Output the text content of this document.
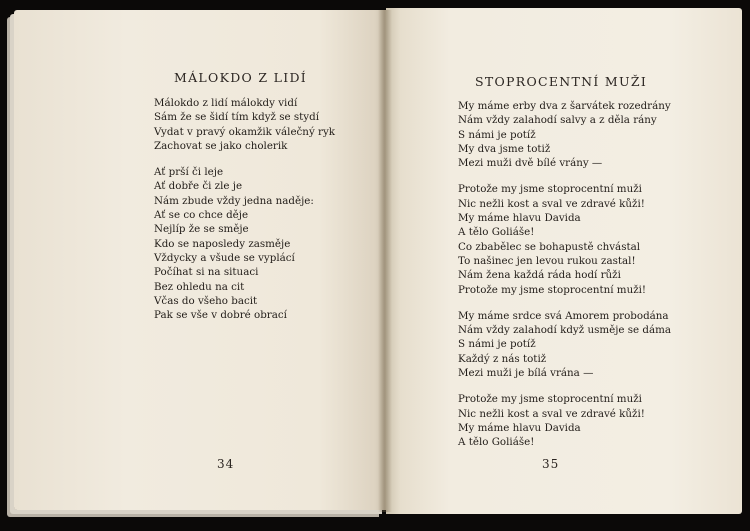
MÁLOKDO Z LIDÍ
Málokdo z lidí málokdy vidí
Sám že se šidí tím když se stydí
Vydat v pravý okamžik válečný ryk
Zachovat se jako cholerik
Ať prší či leje
Ať dobře či zle je
Nám zbude vždy jedna naděje:
Ať se co chce děje
Nejlíp že se směje
Kdo se naposledy zasměje
Vždycky a všude se vyplácí
Počíhat si na situaci
Bez ohledu na cit
Včas do všeho bacit
Pak se vše v dobré obrací
34
STOPROCENTNÍ MUŽI
My máme erby dva z šarvátek rozedrány
Nám vždy zalahodí salvy a z děla rány
S námi je potíž
My dva jsme totiž
Mezi muži dvě bílé vrány —
Protože my jsme stoprocentní muži
Nic nežli kost a sval ve zdravé kůži!
My máme hlavu Davida
A tělo Goliáše!
Co zbabělec se bohapustě chvástal
To našinec jen levou rukou zastal!
Nám žena každá ráda hodí růži
Protože my jsme stoprocentní muži!
My máme srdce svá Amorem probodána
Nám vždy zalahodí když usměje se dáma
S námi je potíž
Každý z nás totiž
Mezi muži je bílá vrána —
Protože my jsme stoprocentní muži
Nic nežli kost a sval ve zdravé kůži!
My máme hlavu Davida
A tělo Goliáše!
35
